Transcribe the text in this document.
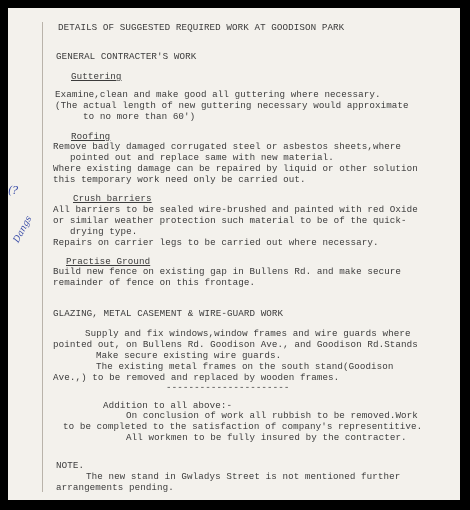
DETAILS OF SUGGESTED REQUIRED WORK AT GOODISON PARK
GENERAL CONTRACTER'S WORK
Guttering
Examine,clean and make good all guttering where necessary.
(The actual length of new guttering necessary would approximate
to no more than 60')
Roofing
Remove badly damaged corrugated steel or asbestos sheets,where
pointed out and replace same with new material.
Where existing damage can be repaired by liquid or other solution
this temporary work need only be carried out.
Crush barriers
All barriers to be sealed wire-brushed and painted with red Oxide
or similar weather protection such material to be of the quick-
drying type.
Repairs on carrier legs to be carried out where necessary.
Practise Ground
Build new fence on existing gap in Bullens Rd. and make secure
remainder of fence on this frontage.
GLAZING, METAL CASEMENT & WIRE-GUARD WORK
Supply and fix windows,window frames and wire guards where
pointed out, on Bullens Rd. Goodison Ave., and Goodison Rd.Stands
Make secure existing wire guards.
The existing metal frames on the south stand(Goodison
Ave.,) to be removed and replaced by wooden frames.
----------------------
Addition to all above:-
On conclusion of work all rubbish to be removed.Work
to be completed to the satisfaction of company's representitive.
All workmen to be fully insured by the contracter.
NOTE.
The new stand in Gwladys Street is not mentioned further
arrangements pending.
Dangs
(?
